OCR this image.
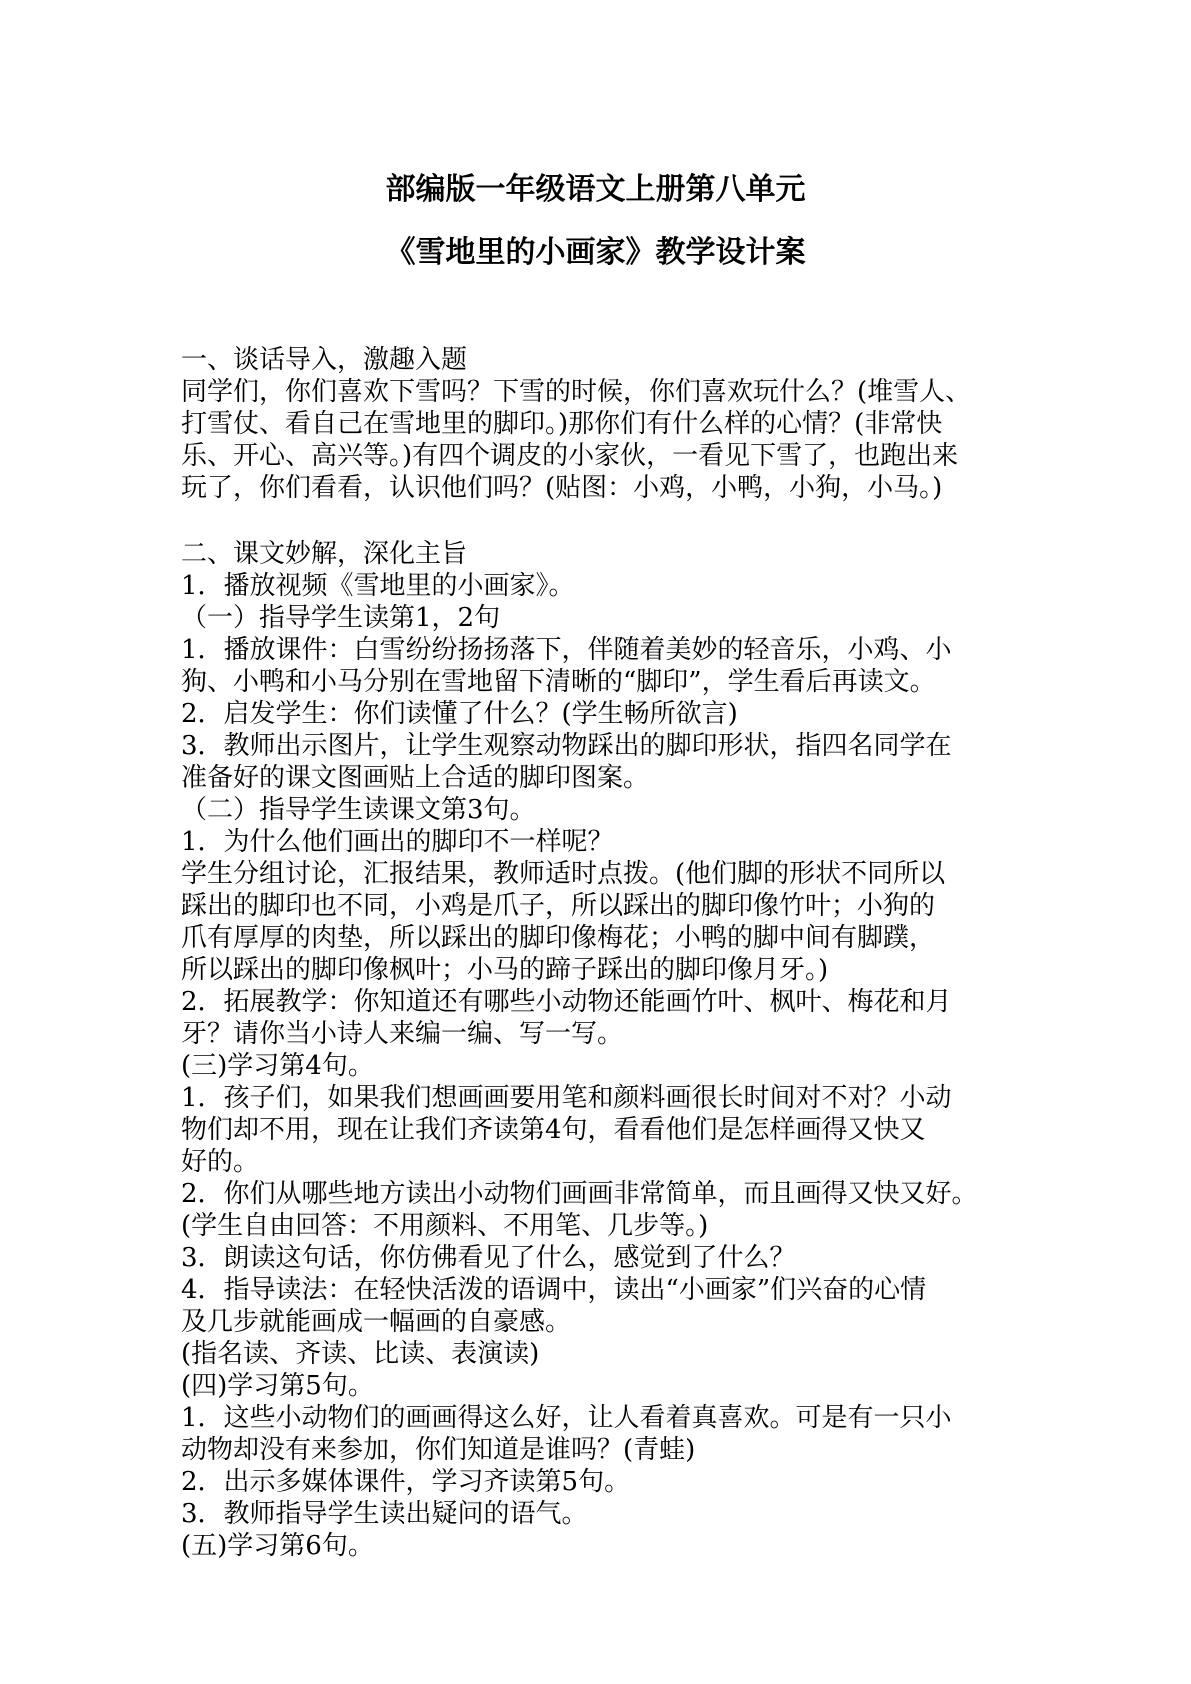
部编版一年级语文上册第八单元
《雪地里的小画家》教学设计案
一、谈话导入，激趣入题
同学们，你们喜欢下雪吗？下雪的时候，你们喜欢玩什么？(堆雪人、
打雪仗、看自己在雪地里的脚印。)那你们有什么样的心情？(非常快
乐、开心、高兴等。)有四个调皮的小家伙，一看见下雪了，也跑出来
玩了，你们看看，认识他们吗？(贴图：小鸡，小鸭，小狗，小马。)
二、课文妙解，深化主旨
1．播放视频《雪地里的小画家》。
（一）指导学生读第1，2句
1．播放课件：白雪纷纷扬扬落下，伴随着美妙的轻音乐，小鸡、小
狗、小鸭和小马分别在雪地留下清晰的“脚印”，学生看后再读文。
2．启发学生：你们读懂了什么？(学生畅所欲言)
3．教师出示图片，让学生观察动物踩出的脚印形状，指四名同学在
准备好的课文图画贴上合适的脚印图案。
（二）指导学生读课文第3句。
1．为什么他们画出的脚印不一样呢？
学生分组讨论，汇报结果，教师适时点拨。(他们脚的形状不同所以
踩出的脚印也不同，小鸡是爪子，所以踩出的脚印像竹叶；小狗的
爪有厚厚的肉垫，所以踩出的脚印像梅花；小鸭的脚中间有脚蹼，
所以踩出的脚印像枫叶；小马的蹄子踩出的脚印像月牙。)
2．拓展教学：你知道还有哪些小动物还能画竹叶、枫叶、梅花和月
牙？请你当小诗人来编一编、写一写。
(三)学习第4句。
1．孩子们，如果我们想画画要用笔和颜料画很长时间对不对？小动
物们却不用，现在让我们齐读第4句，看看他们是怎样画得又快又
好的。
2．你们从哪些地方读出小动物们画画非常简单，而且画得又快又好。
(学生自由回答：不用颜料、不用笔、几步等。)
3．朗读这句话，你仿佛看见了什么，感觉到了什么？
4．指导读法：在轻快活泼的语调中，读出“小画家”们兴奋的心情
及几步就能画成一幅画的自豪感。
(指名读、齐读、比读、表演读)
(四)学习第5句。
1．这些小动物们的画画得这么好，让人看着真喜欢。可是有一只小
动物却没有来参加，你们知道是谁吗？(青蛙)
2．出示多媒体课件，学习齐读第5句。
3．教师指导学生读出疑问的语气。
(五)学习第6句。
